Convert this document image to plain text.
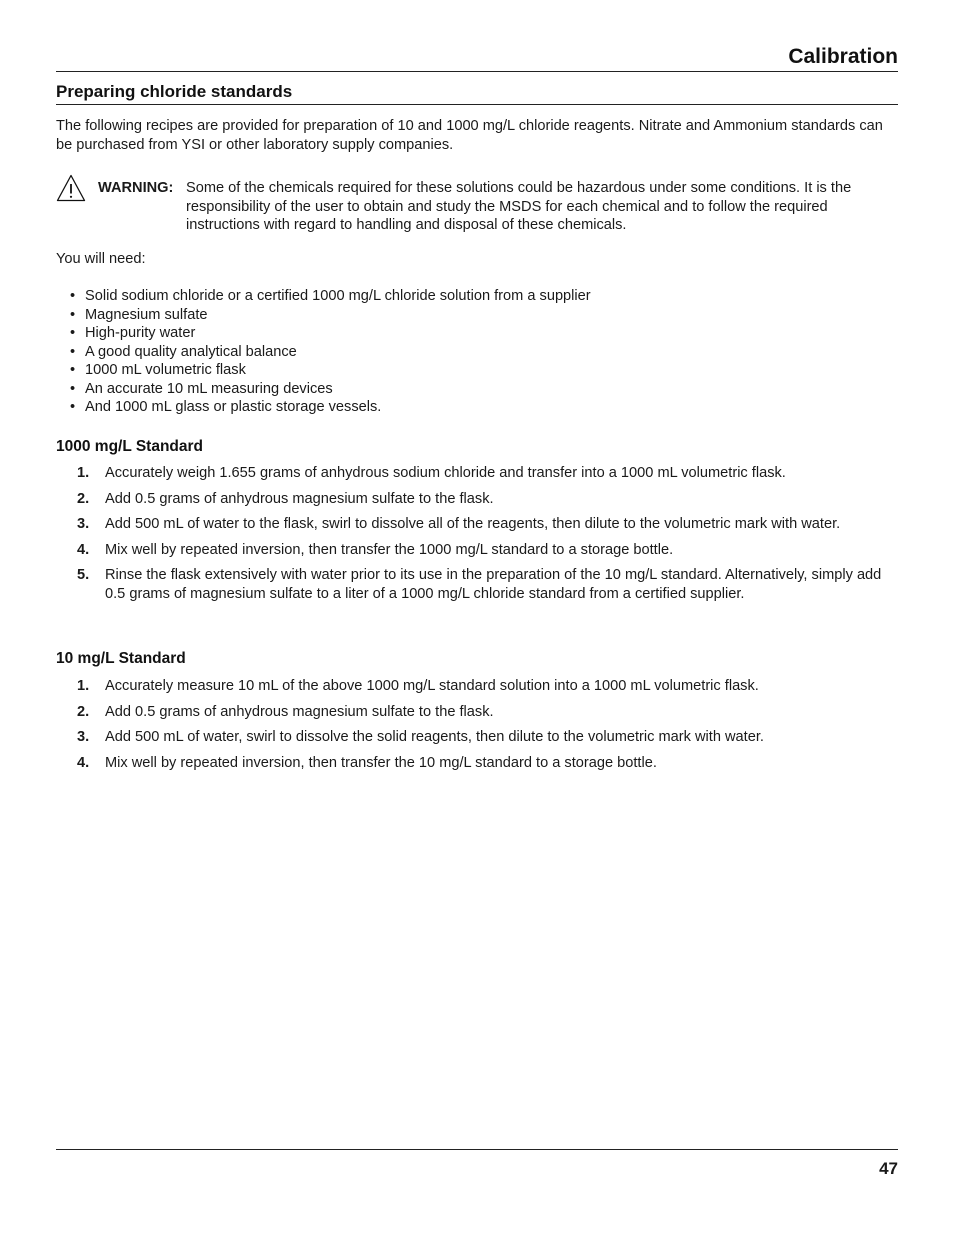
Calibration
Preparing chloride standards

The following recipes are provided for preparation of 10 and 1000 mg/L chloride reagents. Nitrate and Ammonium standards can be purchased from YSI or other laboratory supply companies.

WARNING: Some of the chemicals required for these solutions could be hazardous under some conditions. It is the responsibility of the user to obtain and study the MSDS for each chemical and to follow the required instructions with regard to handling and disposal of these chemicals.

You will need:

• Solid sodium chloride or a certified 1000 mg/L chloride solution from a supplier
• Magnesium sulfate
• High-purity water
• A good quality analytical balance
• 1000 mL volumetric flask
• An accurate 10 mL measuring devices
• And 1000 mL glass or plastic storage vessels.
1000 mg/L Standard
1. Accurately weigh 1.655 grams of anhydrous sodium chloride and transfer into a 1000 mL volumetric flask.
2. Add 0.5 grams of anhydrous magnesium sulfate to the flask.
3. Add 500 mL of water to the flask, swirl to dissolve all of the reagents, then dilute to the volumetric mark with water.
4. Mix well by repeated inversion, then transfer the 1000 mg/L standard to a storage bottle.
5. Rinse the flask extensively with water prior to its use in the preparation of the 10 mg/L standard. Alternatively, simply add 0.5 grams of magnesium sulfate to a liter of a 1000 mg/L chloride standard from a certified supplier.
10 mg/L Standard
1. Accurately measure 10 mL of the above 1000 mg/L standard solution into a 1000 mL volumetric flask.
2. Add 0.5 grams of anhydrous magnesium sulfate to the flask.
3. Add 500 mL of water, swirl to dissolve the solid reagents, then dilute to the volumetric mark with water.
4. Mix well by repeated inversion, then transfer the 10 mg/L standard to a storage bottle.
47
